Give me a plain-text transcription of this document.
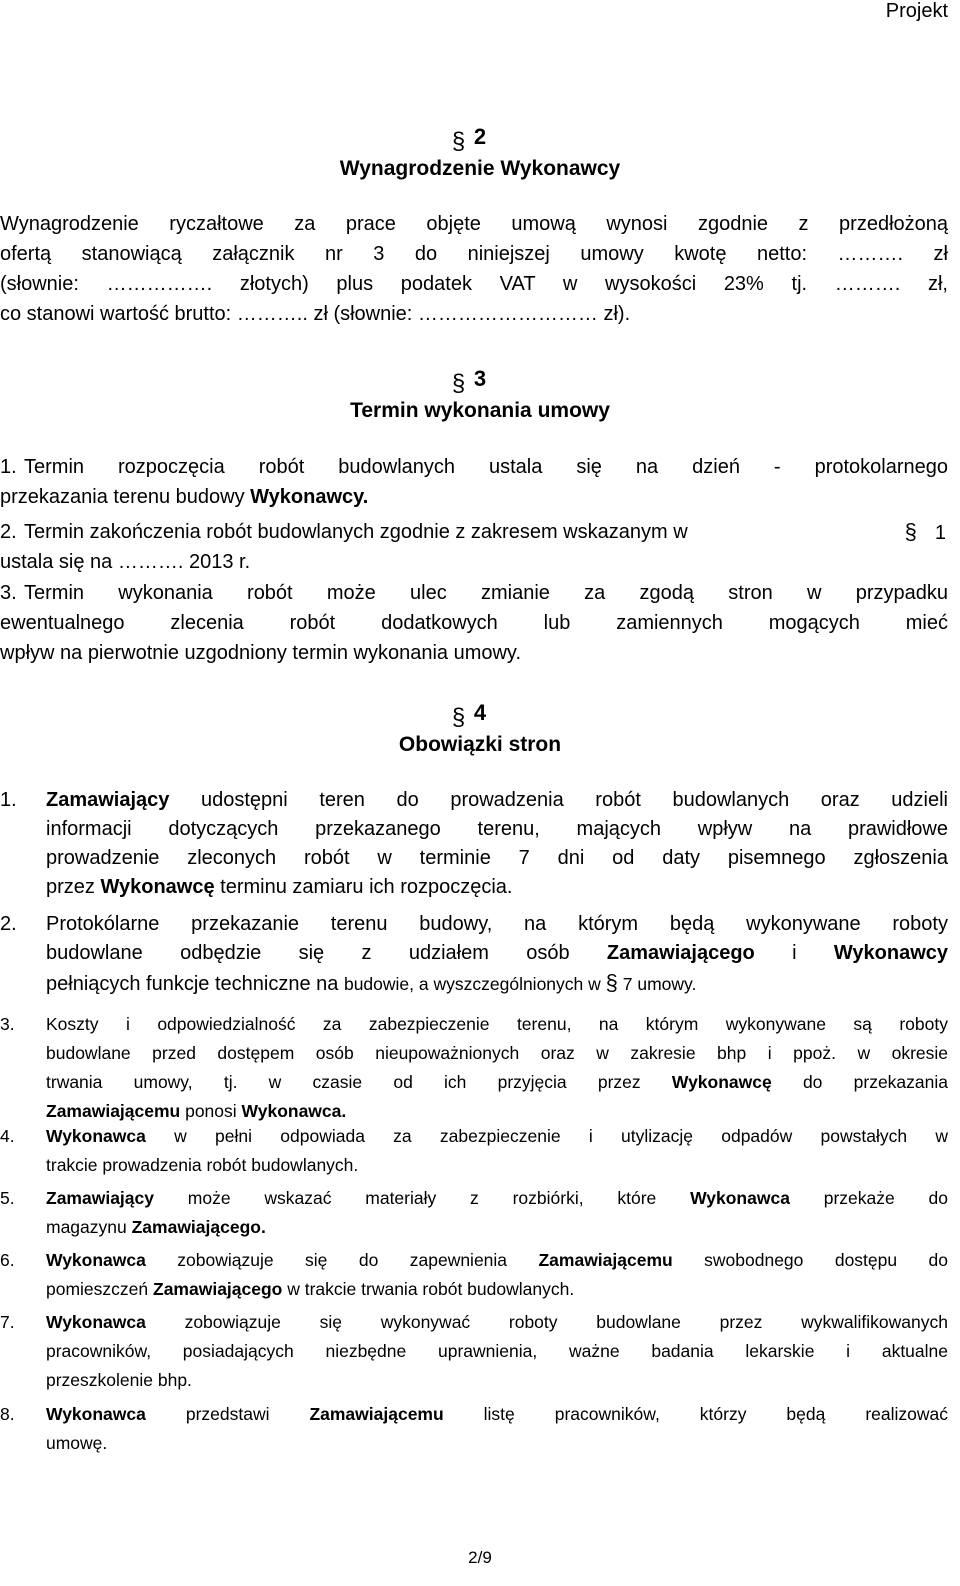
Projekt
§ 2
Wynagrodzenie Wykonawcy
Wynagrodzenie ryczałtowe za prace objęte umową wynosi zgodnie z przedłożoną
ofertą stanowiącą załącznik nr 3 do niniejszej umowy kwotę netto: ………. zł
(słownie: ……………. złotych) plus podatek VAT w wysokości 23% tj. ………. zł,
co stanowi wartość brutto: ……….. zł (słownie: ……………………… zł).
§ 3
Termin wykonania umowy
1. Termin rozpoczęcia robót budowlanych ustala się na dzień - protokolarnego
przekazania terenu budowy Wykonawcy.
2. Termin zakończenia robót budowlanych zgodnie z zakresem wskazanym w	§ 1
ustala się na ………. 2013 r.
3. Termin wykonania robót może ulec zmianie za zgodą stron w przypadku
ewentualnego zlecenia robót dodatkowych lub zamiennych mogących mieć
wpływ na pierwotnie uzgodniony termin wykonania umowy.
§ 4
Obowiązki stron
1. Zamawiający udostępni teren do prowadzenia robót budowlanych oraz udzieli
informacji dotyczących przekazanego terenu, mających wpływ na prawidłowe
prowadzenie zleconych robót w terminie 7 dni od daty pisemnego zgłoszenia
przez Wykonawcę terminu zamiaru ich rozpoczęcia.
2. Protokólarne przekazanie terenu budowy, na którym będą wykonywane roboty
budowlane odbędzie się z udziałem osób Zamawiającego i Wykonawcy
pełniących funkcje techniczne na budowie, a wyszczególnionych w § 7 umowy.
3. Koszty i odpowiedzialność za zabezpieczenie terenu, na którym wykonywane są roboty
budowlane przed dostępem osób nieupoważnionych oraz w zakresie bhp i ppoż. w okresie
trwania umowy, tj. w czasie od ich przyjęcia przez Wykonawcę do przekazania
Zamawiającemu ponosi Wykonawca.
4. Wykonawca w pełni odpowiada za zabezpieczenie i utylizację odpadów powstałych w
trakcie prowadzenia robót budowlanych.
5. Zamawiający może wskazać materiały z rozbiórki, które Wykonawca przekaże do
magazynu Zamawiającego.
6. Wykonawca zobowiązuje się do zapewnienia Zamawiającemu swobodnego dostępu do
pomieszczeń Zamawiającego w trakcie trwania robót budowlanych.
7. Wykonawca zobowiązuje się wykonywać roboty budowlane przez wykwalifikowanych
pracowników, posiadających niezbędne uprawnienia, ważne badania lekarskie i aktualne
przeszkolenie bhp.
8. Wykonawca przedstawi Zamawiającemu listę pracowników, którzy będą realizować
umowę.
2/9
